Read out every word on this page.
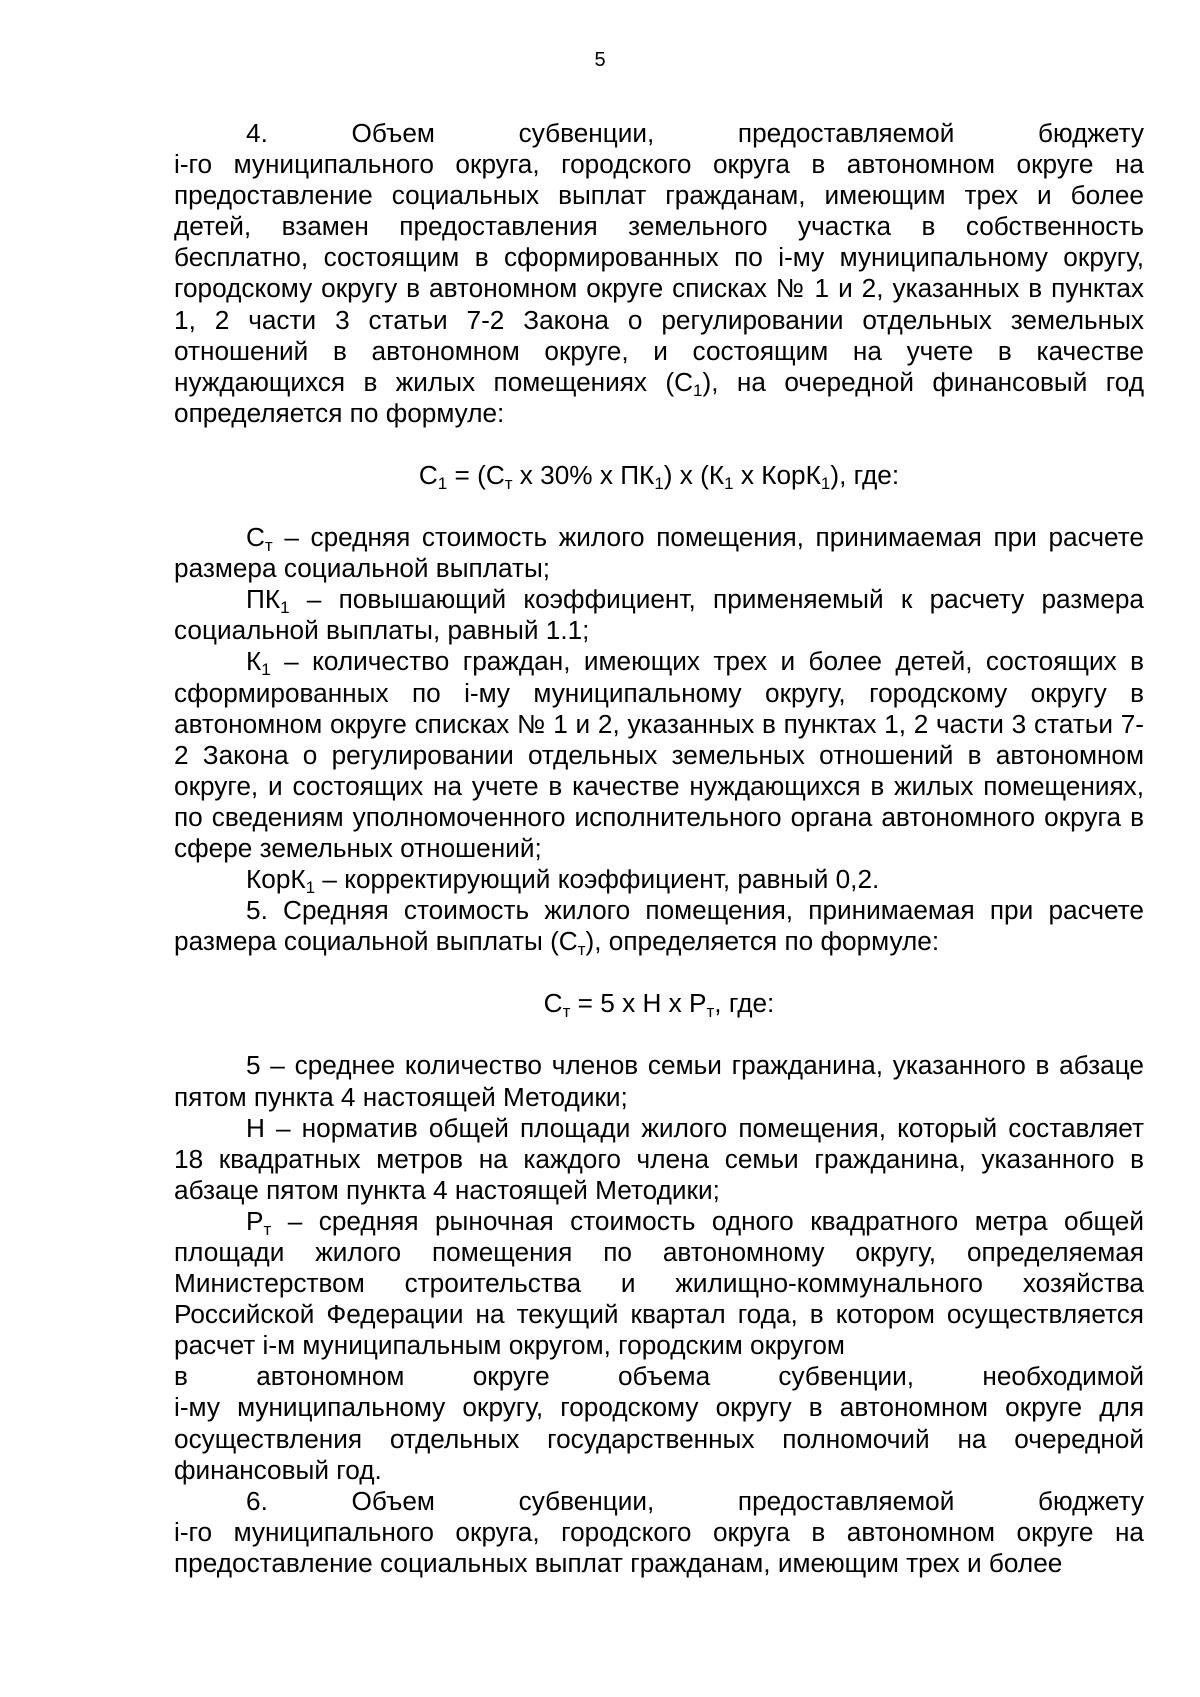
5
4.	Объем	субвенции,	предоставляемой	бюджету

i-го муниципального округа, городского округа в автономном округе на предоставление социальных выплат гражданам, имеющим трех и более детей, взамен предоставления земельного участка в собственность бесплатно, состоящим в сформированных по i-му муниципальному округу, городскому округу в автономном округе списках № 1 и 2, указанных в пунктах 1, 2 части 3 статьи 7-2 Закона о регулировании отдельных земельных отношений в автономном округе, и состоящим на учете в качестве нуждающихся в жилых помещениях $(С_1)$, на очередной финансовый год определяется по формуле:

$С_1 = (С_т$ x 30% x $ПК_1$) x ($К_1$ x КорК$_1$), где:

$С_т$ – средняя стоимость жилого помещения, принимаемая при расчете размера социальной выплаты;

$ПК_1$ – повышающий коэффициент, применяемый к расчету размера социальной выплаты, равный 1.1;

$К_1$ – количество граждан, имеющих трех и более детей, состоящих в сформированных по i-му муниципальному округу, городскому округу в автономном округе списках № 1 и 2, указанных в пунктах 1, 2 части 3 статьи 7-2 Закона о регулировании отдельных земельных отношений в автономном округе, и состоящих на учете в качестве нуждающихся в жилых помещениях, по сведениям уполномоченного исполнительного органа автономного округа в сфере земельных отношений;

КорК$_1$ – корректирующий коэффициент, равный 0,2.

5. Средняя стоимость жилого помещения, принимаемая при расчете размера социальной выплаты $(С_т)$, определяется по формуле:

$С_т = 5$ x Н x $Р_т$, где:

5 – среднее количество членов семьи гражданина, указанного в абзаце пятом пункта 4 настоящей Методики;

Н – норматив общей площади жилого помещения, который составляет 18 квадратных метров на каждого члена семьи гражданина, указанного в абзаце пятом пункта 4 настоящей Методики;

$Р_т$ – средняя рыночная стоимость одного квадратного метра общей площади жилого помещения по автономному округу, определяемая Министерством строительства и жилищно-коммунального хозяйства Российской Федерации на текущий квартал года, в котором осуществляется расчет i-м муниципальным округом, городским округом

в	автономном	округе	объема	субвенции,	необходимой

i-му муниципальному округу, городскому округу в автономном округе для осуществления отдельных государственных полномочий на очередной финансовый год.

6.	Объем	субвенции,	предоставляемой	бюджету

i-го муниципального округа, городского округа в автономном округе на предоставление социальных выплат гражданам, имеющим трех и более
